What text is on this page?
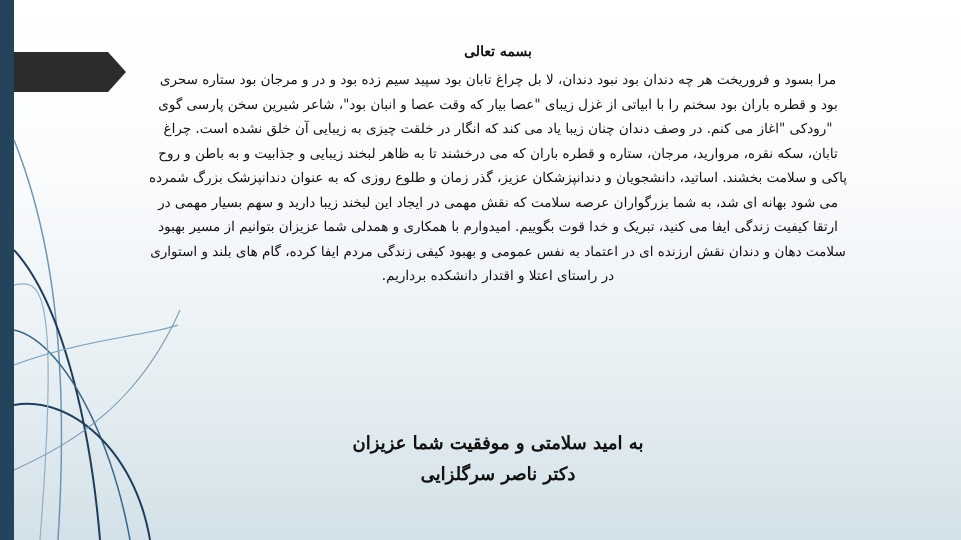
بسمه تعالی

مرا بسود و فروریخت هر چه دندان بود نبود دندان، لا بل چراغ تابان بود سپید سیم زده بود و در و مرجان بود ستاره سحری

بود و قطره باران بود سخنم را با ابیاتی از غزل زیبای "عصا بیار که وقت عصا و انبان بود"، شاعر شیرین سخن پارسی گوی

"رودکی "اغاز می کنم. در وصف دندان چنان زیبا یاد می کند که انگار در خلقت چیزی به زیبایی آن خلق نشده است. چراغ

تابان، سکه نقره، مروارید، مرجان، ستاره و قطره باران که می درخشند تا به ظاهر لبخند زیبایی و جذابیت و به باطن و روح

پاکی و سلامت بخشند. اساتید، دانشجویان و دندانپزشکان عزیز، گذر زمان و طلوع روزی که به عنوان دندانپزشک بزرگ شمرده

می شود بهانه ای شد، به شما بزرگواران عرصه سلامت که نقش مهمی در ایجاد این لبخند زیبا دارید و سهم بسیار مهمی در

ارتقا کیفیت زندگی ایفا می کنید، تبریک و خدا قوت بگوییم. امیدوارم با همکاری و همدلی شما عزیزان بتوانیم از مسیر بهبود

سلامت دهان و دندان نقش ارزنده ای در اعتماد به نفس عمومی و بهبود کیفی زندگی مردم ایفا کرده، گام های بلند و استواری

در راستای اعتلا و اقتدار دانشکده برداریم.

به امید سلامتی و موفقیت شما عزیزان

دکتر ناصر سرگلزایی
